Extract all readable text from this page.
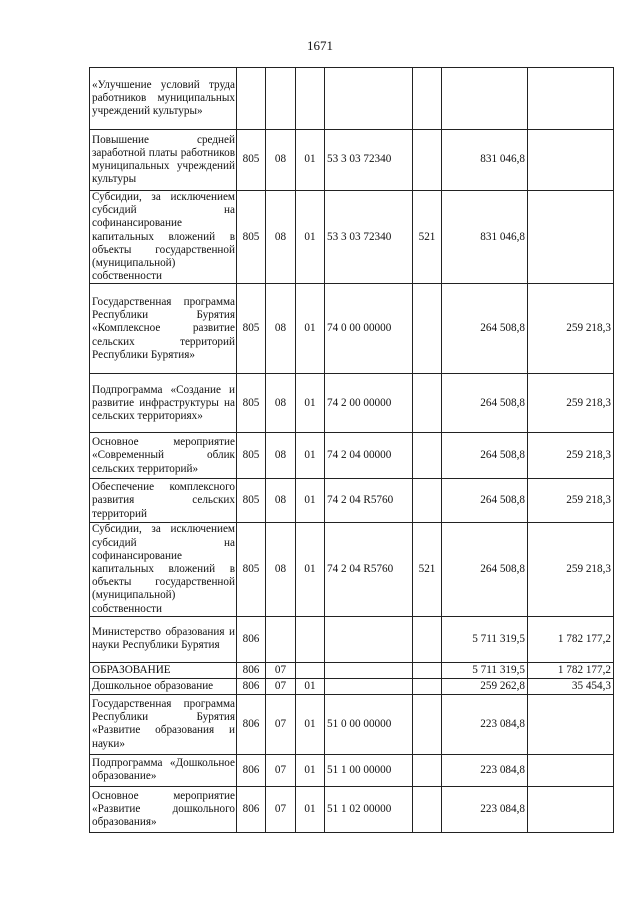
1671
«Улучшение условий труда работников муниципальных учреждений культуры»							
Повышение средней заработной платы работников муниципальных учреждений культуры	805	08	01	53 3 03 72340		831 046,8	
Субсидии, за исключением субсидий на софинансирование капитальных вложений в объекты государственной (муниципальной) собственности	805	08	01	53 3 03 72340	521	831 046,8	
Государственная программа Республики Бурятия «Комплексное развитие сельских территорий Республики Бурятия»	805	08	01	74 0 00 00000		264 508,8	259 218,3
Подпрограмма «Создание и развитие инфраструктуры на сельских территориях»	805	08	01	74 2 00 00000		264 508,8	259 218,3
Основное мероприятие «Современный облик сельских территорий»	805	08	01	74 2 04 00000		264 508,8	259 218,3
Обеспечение комплексного развития сельских территорий	805	08	01	74 2 04 R5760		264 508,8	259 218,3
Субсидии, за исключением субсидий на софинансирование капитальных вложений в объекты государственной (муниципальной) собственности	805	08	01	74 2 04 R5760	521	264 508,8	259 218,3
Министерство образования и науки Республики Бурятия	806					5 711 319,5	1 782 177,2
ОБРАЗОВАНИЕ	806	07				5 711 319,5	1 782 177,2
Дошкольное образование	806	07	01			259 262,8	35 454,3
Государственная программа Республики Бурятия «Развитие образования и науки»	806	07	01	51 0 00 00000		223 084,8	
Подпрограмма «Дошкольное образование»	806	07	01	51 1 00 00000		223 084,8	
Основное мероприятие «Развитие дошкольного образования»	806	07	01	51 1 02 00000		223 084,8	
